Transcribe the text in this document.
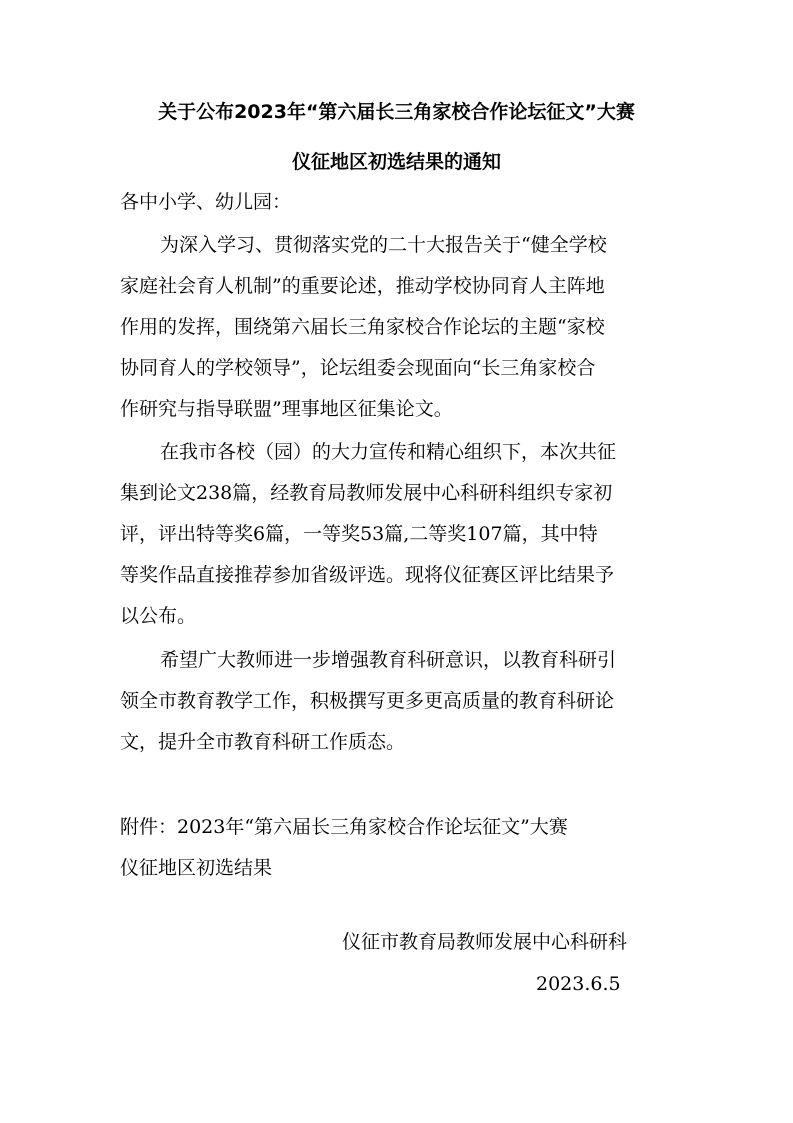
关于公布2023年“第六届长三角家校合作论坛征文”大赛
仪征地区初选结果的通知
各中小学、幼儿园：
为深入学习、贯彻落实党的二十大报告关于“健全学校
家庭社会育人机制”的重要论述，推动学校协同育人主阵地
作用的发挥，围绕第六届长三角家校合作论坛的主题“家校
协同育人的学校领导”，论坛组委会现面向“长三角家校合
作研究与指导联盟”理事地区征集论文。
在我市各校（园）的大力宣传和精心组织下，本次共征
集到论文238篇，经教育局教师发展中心科研科组织专家初
评，评出特等奖6篇，一等奖53篇,二等奖107篇，其中特
等奖作品直接推荐参加省级评选。现将仪征赛区评比结果予
以公布。
希望广大教师进一步增强教育科研意识，以教育科研引
领全市教育教学工作，积极撰写更多更高质量的教育科研论
文，提升全市教育科研工作质态。
附件：2023年“第六届长三角家校合作论坛征文”大赛
仪征地区初选结果
仪征市教育局教师发展中心科研科
2023.6.5
